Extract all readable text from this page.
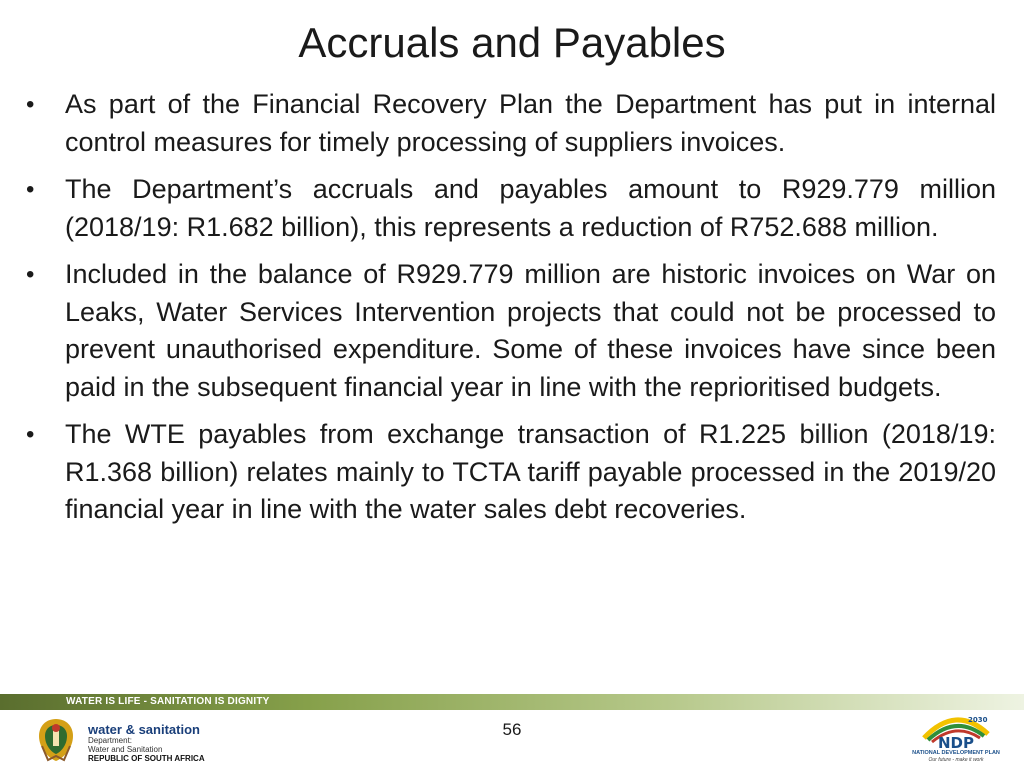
Accruals and Payables
• As part of the Financial Recovery Plan the Department has put in internal control measures for timely processing of suppliers invoices.
• The Department’s accruals and payables amount to R929.779 million (2018/19: R1.682 billion), this represents a reduction of R752.688 million.
• Included in the balance of R929.779 million are historic invoices on War on Leaks, Water Services Intervention projects that could not be processed to prevent unauthorised expenditure. Some of these invoices have since been paid in the subsequent financial year in line with the reprioritised budgets.
• The WTE payables from exchange transaction of R1.225 billion (2018/19: R1.368 billion) relates mainly to TCTA tariff payable processed in the 2019/20 financial year in line with the water sales debt recoveries.
WATER IS LIFE - SANITATION IS DIGNITY
56
water & sanitation
Department:
Water and Sanitation
REPUBLIC OF SOUTH AFRICA
2030
NDP
NATIONAL DEVELOPMENT PLAN
Our future - make it work
